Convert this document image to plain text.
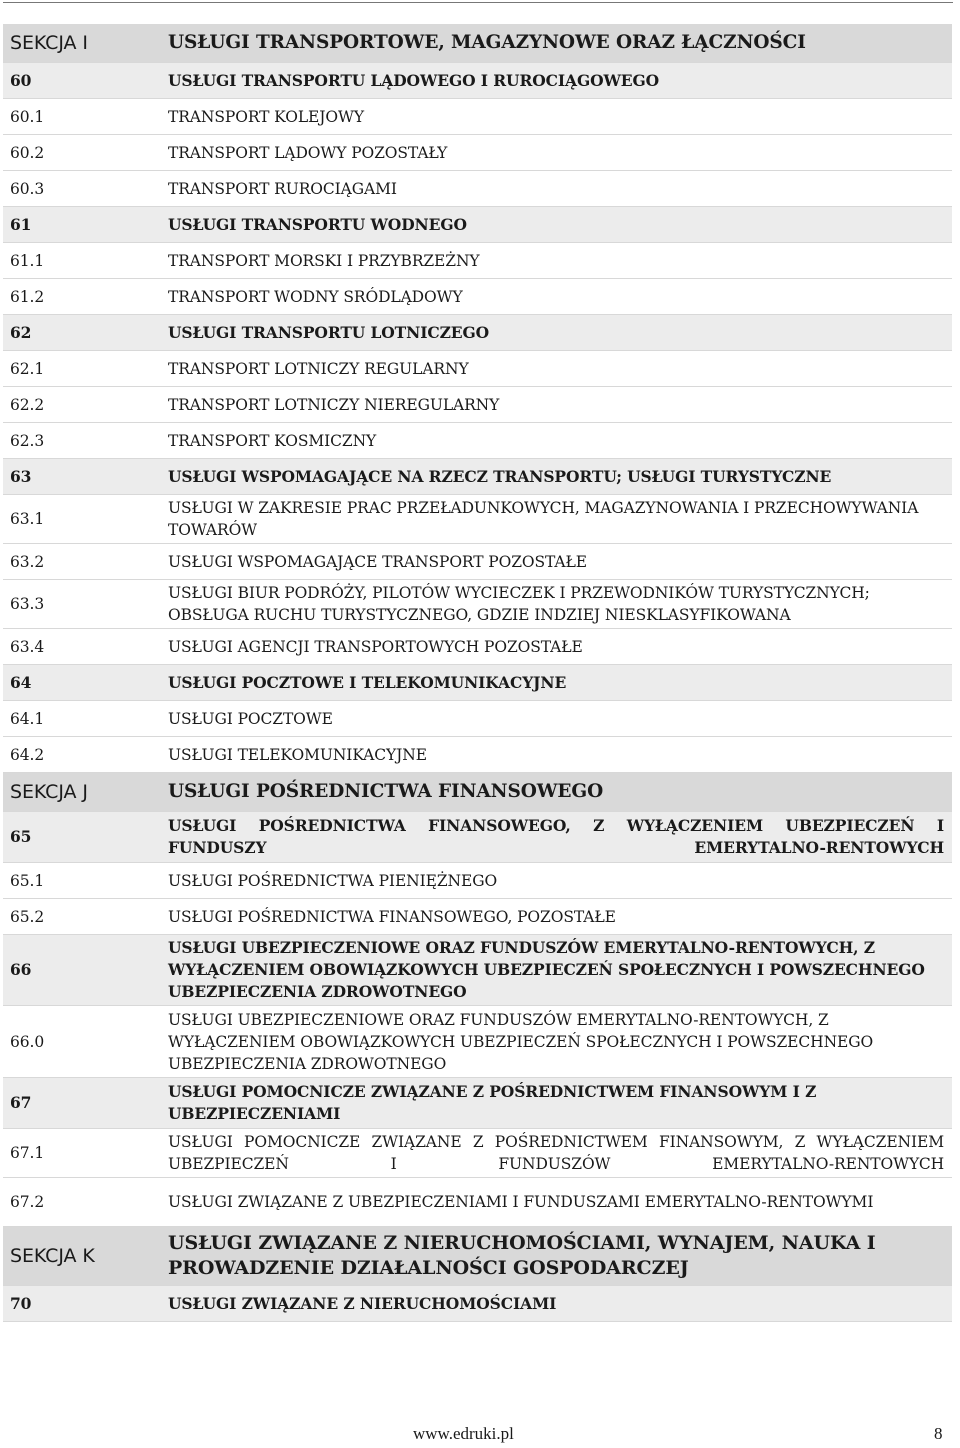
SEKCJA I	USŁUGI TRANSPORTOWE, MAGAZYNOWE ORAZ ŁĄCZNOŚCI
60	USŁUGI TRANSPORTU LĄDOWEGO I RUROCIĄGOWEGO
60.1	TRANSPORT KOLEJOWY
60.2	TRANSPORT LĄDOWY POZOSTAŁY
60.3	TRANSPORT RUROCIĄGAMI
61	USŁUGI TRANSPORTU WODNEGO
61.1	TRANSPORT MORSKI I PRZYBRZEŻNY
61.2	TRANSPORT WODNY SRÓDLĄDOWY
62	USŁUGI TRANSPORTU LOTNICZEGO
62.1	TRANSPORT LOTNICZY REGULARNY
62.2	TRANSPORT LOTNICZY NIEREGULARNY
62.3	TRANSPORT KOSMICZNY
63	USŁUGI WSPOMAGAJĄCE NA RZECZ TRANSPORTU; USŁUGI TURYSTYCZNE
63.1	USŁUGI W ZAKRESIE PRAC PRZEŁADUNKOWYCH, MAGAZYNOWANIA I PRZECHOWYWANIA TOWARÓW
63.2	USŁUGI WSPOMAGAJĄCE TRANSPORT POZOSTAŁE
63.3	USŁUGI BIUR PODRÓŻY, PILOTÓW WYCIECZEK I PRZEWODNIKÓW TURYSTYCZNYCH; OBSŁUGA RUCHU TURYSTYCZNEGO, GDZIE INDZIEJ NIESKLASYFIKOWANA
63.4	USŁUGI AGENCJI TRANSPORTOWYCH POZOSTAŁE
64	USŁUGI POCZTOWE I TELEKOMUNIKACYJNE
64.1	USŁUGI POCZTOWE
64.2	USŁUGI TELEKOMUNIKACYJNE
SEKCJA J	USŁUGI POŚREDNICTWA FINANSOWEGO
65	USŁUGI POŚREDNICTWA FINANSOWEGO, Z WYŁĄCZENIEM UBEZPIECZEŃ I FUNDUSZY EMERYTALNO-RENTOWYCH
65.1	USŁUGI POŚREDNICTWA PIENIĘŻNEGO
65.2	USŁUGI POŚREDNICTWA FINANSOWEGO, POZOSTAŁE
66	USŁUGI UBEZPIECZENIOWE ORAZ FUNDUSZÓW EMERYTALNO-RENTOWYCH, Z WYŁĄCZENIEM OBOWIĄZKOWYCH UBEZPIECZEŃ SPOŁECZNYCH I POWSZECHNEGO UBEZPIECZENIA ZDROWOTNEGO
66.0	USŁUGI UBEZPIECZENIOWE ORAZ FUNDUSZÓW EMERYTALNO-RENTOWYCH, Z WYŁĄCZENIEM OBOWIĄZKOWYCH UBEZPIECZEŃ SPOŁECZNYCH I POWSZECHNEGO UBEZPIECZENIA ZDROWOTNEGO
67	USŁUGI POMOCNICZE ZWIĄZANE Z POŚREDNICTWEM FINANSOWYM I Z UBEZPIECZENIAMI
67.1	USŁUGI POMOCNICZE ZWIĄZANE Z POŚREDNICTWEM FINANSOWYM, Z WYŁĄCZENIEM UBEZPIECZEŃ I FUNDUSZÓW EMERYTALNO-RENTOWYCH
67.2	USŁUGI ZWIĄZANE Z UBEZPIECZENIAMI I FUNDUSZAMI EMERYTALNO-RENTOWYMI
SEKCJA K	USŁUGI ZWIĄZANE Z NIERUCHOMOŚCIAMI, WYNAJEM, NAUKA I PROWADZENIE DZIAŁALNOŚCI GOSPODARCZEJ
70	USŁUGI ZWIĄZANE Z NIERUCHOMOŚCIAMI
www.edruki.pl	8
